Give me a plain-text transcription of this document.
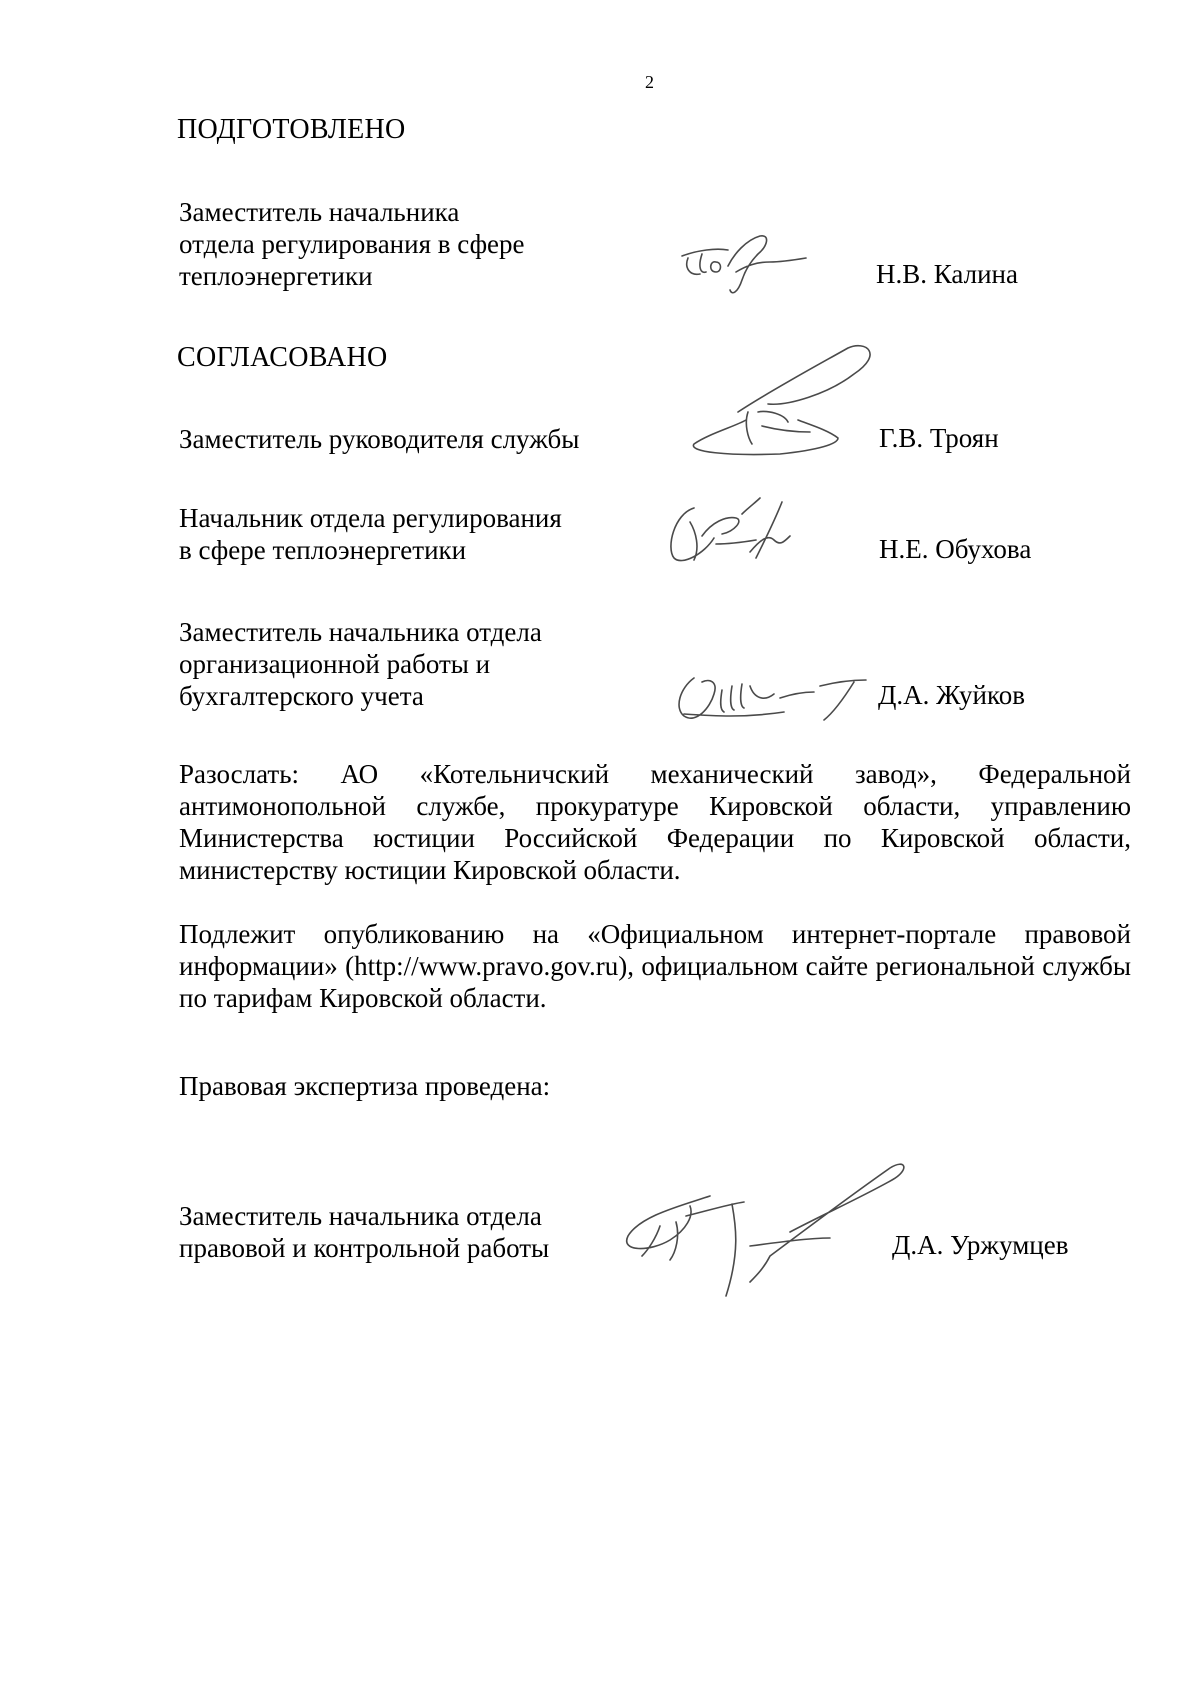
2
ПОДГОТОВЛЕНО
Заместитель начальника
отдела регулирования в сфере
теплоэнергетики	Н.В. Калина
СОГЛАСОВАНО
Заместитель руководителя службы	Г.В. Троян
Начальник отдела регулирования
в сфере теплоэнергетики	Н.Е. Обухова
Заместитель начальника отдела
организационной работы и
бухгалтерского учета	Д.А. Жуйков
Разослать: АО «Котельничский механический завод», Федеральной антимонопольной службе, прокуратуре Кировской области, управлению Министерства юстиции Российской Федерации по Кировской области, министерству юстиции Кировской области.
Подлежит опубликованию на «Официальном интернет-портале правовой информации» (http://www.pravo.gov.ru), официальном сайте региональной службы по тарифам Кировской области.
Правовая экспертиза проведена:
Заместитель начальника отдела
правовой и контрольной работы	Д.А. Уржумцев
